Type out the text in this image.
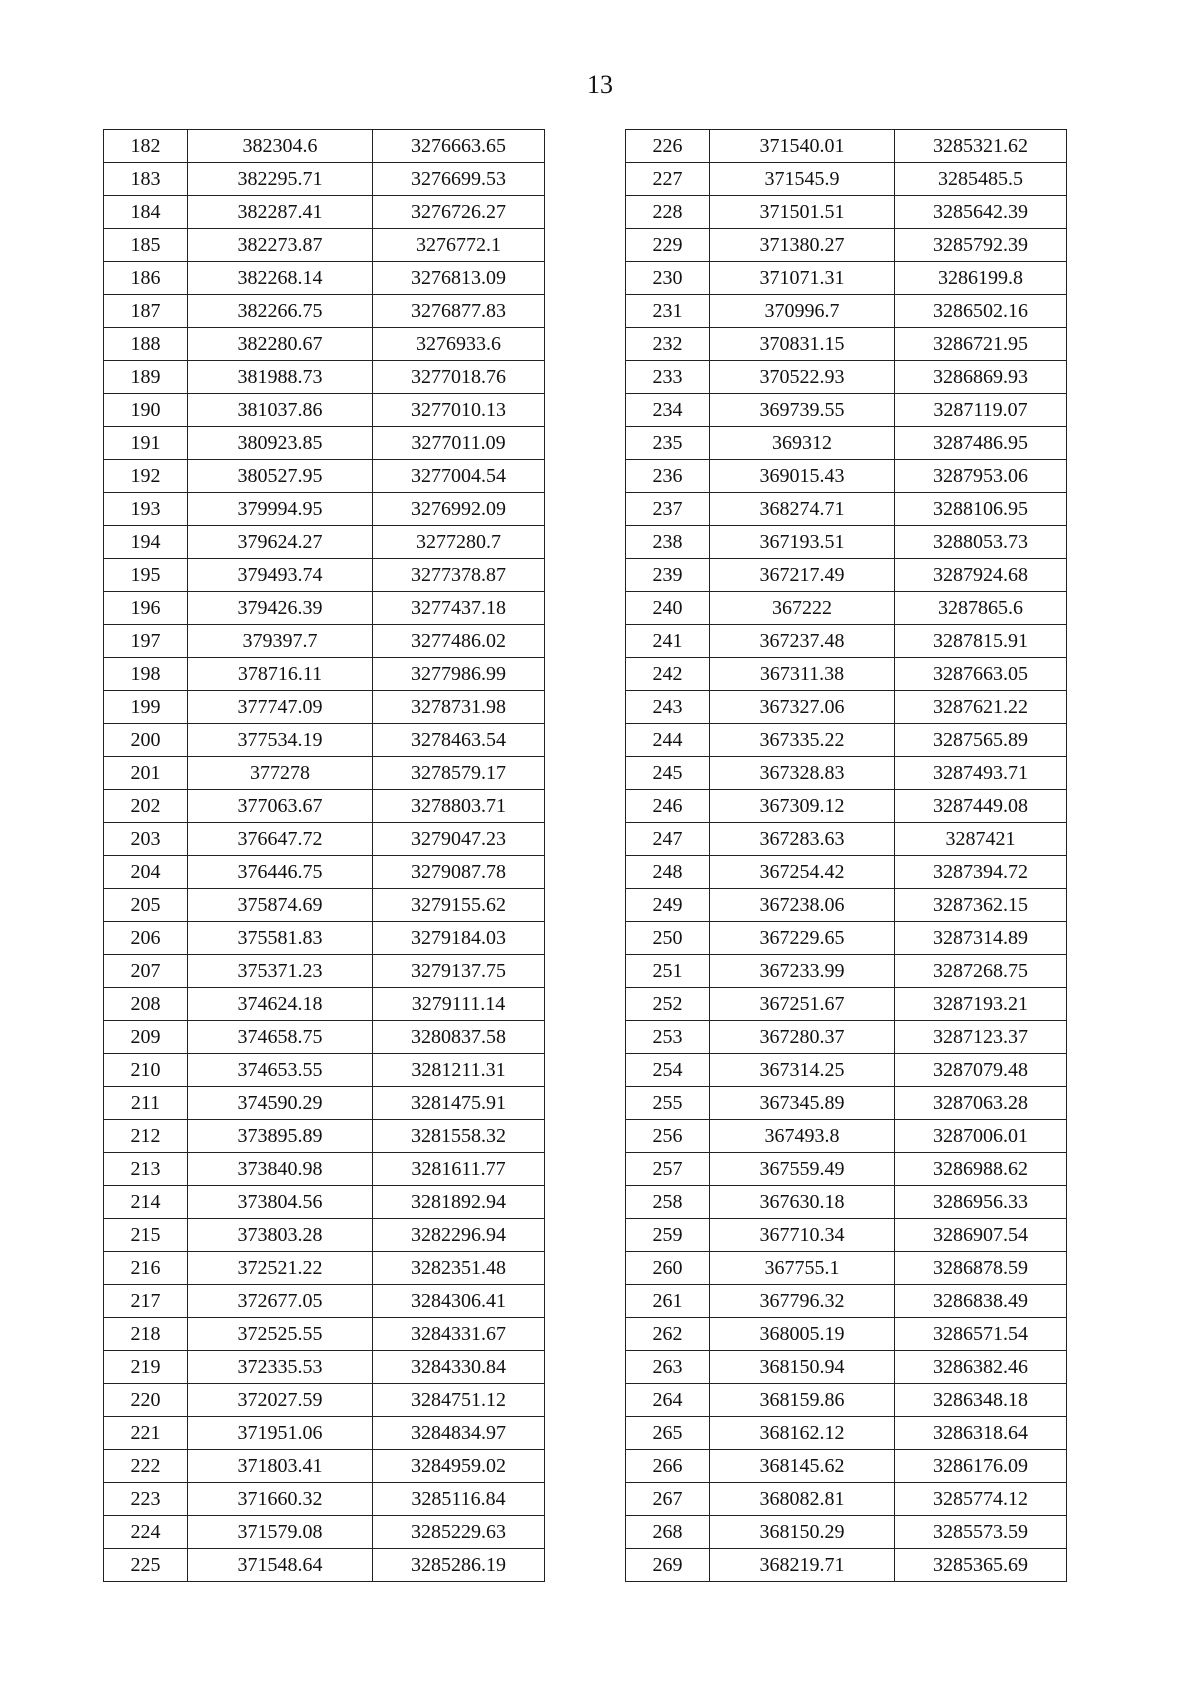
13
182	382304.6	3276663.65
183	382295.71	3276699.53
184	382287.41	3276726.27
185	382273.87	3276772.1
186	382268.14	3276813.09
187	382266.75	3276877.83
188	382280.67	3276933.6
189	381988.73	3277018.76
190	381037.86	3277010.13
191	380923.85	3277011.09
192	380527.95	3277004.54
193	379994.95	3276992.09
194	379624.27	3277280.7
195	379493.74	3277378.87
196	379426.39	3277437.18
197	379397.7	3277486.02
198	378716.11	3277986.99
199	377747.09	3278731.98
200	377534.19	3278463.54
201	377278	3278579.17
202	377063.67	3278803.71
203	376647.72	3279047.23
204	376446.75	3279087.78
205	375874.69	3279155.62
206	375581.83	3279184.03
207	375371.23	3279137.75
208	374624.18	3279111.14
209	374658.75	3280837.58
210	374653.55	3281211.31
211	374590.29	3281475.91
212	373895.89	3281558.32
213	373840.98	3281611.77
214	373804.56	3281892.94
215	373803.28	3282296.94
216	372521.22	3282351.48
217	372677.05	3284306.41
218	372525.55	3284331.67
219	372335.53	3284330.84
220	372027.59	3284751.12
221	371951.06	3284834.97
222	371803.41	3284959.02
223	371660.32	3285116.84
224	371579.08	3285229.63
225	371548.64	3285286.19
226	371540.01	3285321.62
227	371545.9	3285485.5
228	371501.51	3285642.39
229	371380.27	3285792.39
230	371071.31	3286199.8
231	370996.7	3286502.16
232	370831.15	3286721.95
233	370522.93	3286869.93
234	369739.55	3287119.07
235	369312	3287486.95
236	369015.43	3287953.06
237	368274.71	3288106.95
238	367193.51	3288053.73
239	367217.49	3287924.68
240	367222	3287865.6
241	367237.48	3287815.91
242	367311.38	3287663.05
243	367327.06	3287621.22
244	367335.22	3287565.89
245	367328.83	3287493.71
246	367309.12	3287449.08
247	367283.63	3287421
248	367254.42	3287394.72
249	367238.06	3287362.15
250	367229.65	3287314.89
251	367233.99	3287268.75
252	367251.67	3287193.21
253	367280.37	3287123.37
254	367314.25	3287079.48
255	367345.89	3287063.28
256	367493.8	3287006.01
257	367559.49	3286988.62
258	367630.18	3286956.33
259	367710.34	3286907.54
260	367755.1	3286878.59
261	367796.32	3286838.49
262	368005.19	3286571.54
263	368150.94	3286382.46
264	368159.86	3286348.18
265	368162.12	3286318.64
266	368145.62	3286176.09
267	368082.81	3285774.12
268	368150.29	3285573.59
269	368219.71	3285365.69
